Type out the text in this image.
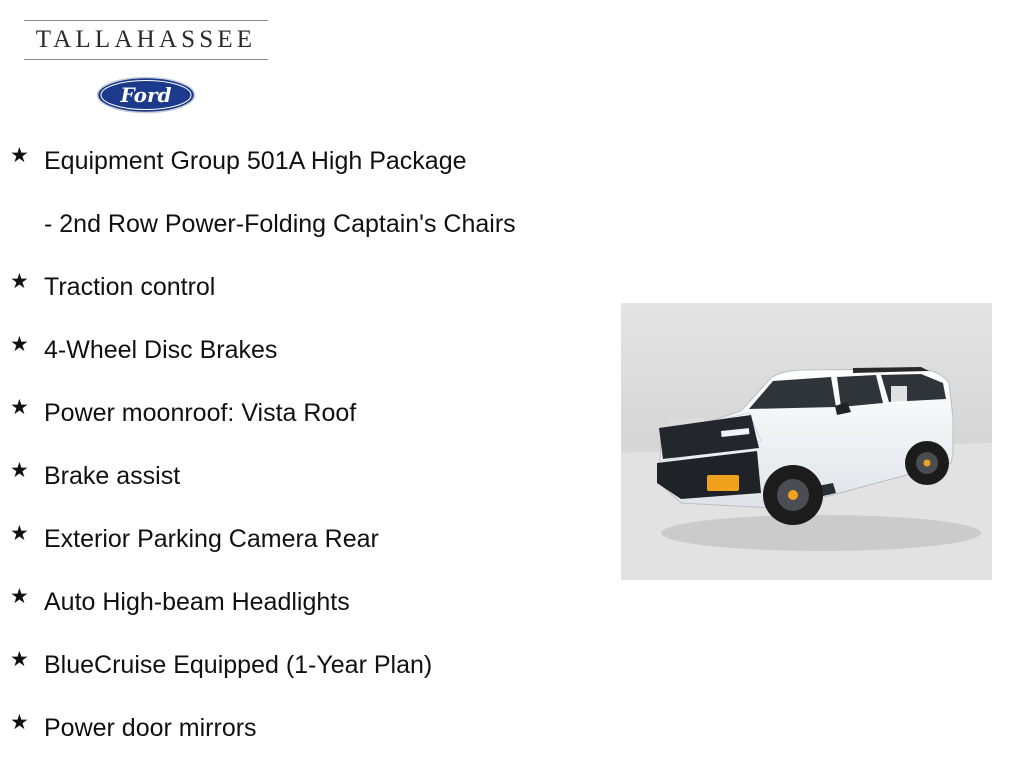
TALLAHASSEE
Ford
★ Equipment Group 501A High Package
- 2nd Row Power-Folding Captain's Chairs
★ Traction control
★ 4-Wheel Disc Brakes
★ Power moonroof: Vista Roof
★ Brake assist
★ Exterior Parking Camera Rear
★ Auto High-beam Headlights
★ BlueCruise Equipped (1-Year Plan)
★ Power door mirrors
EXPEDITION
